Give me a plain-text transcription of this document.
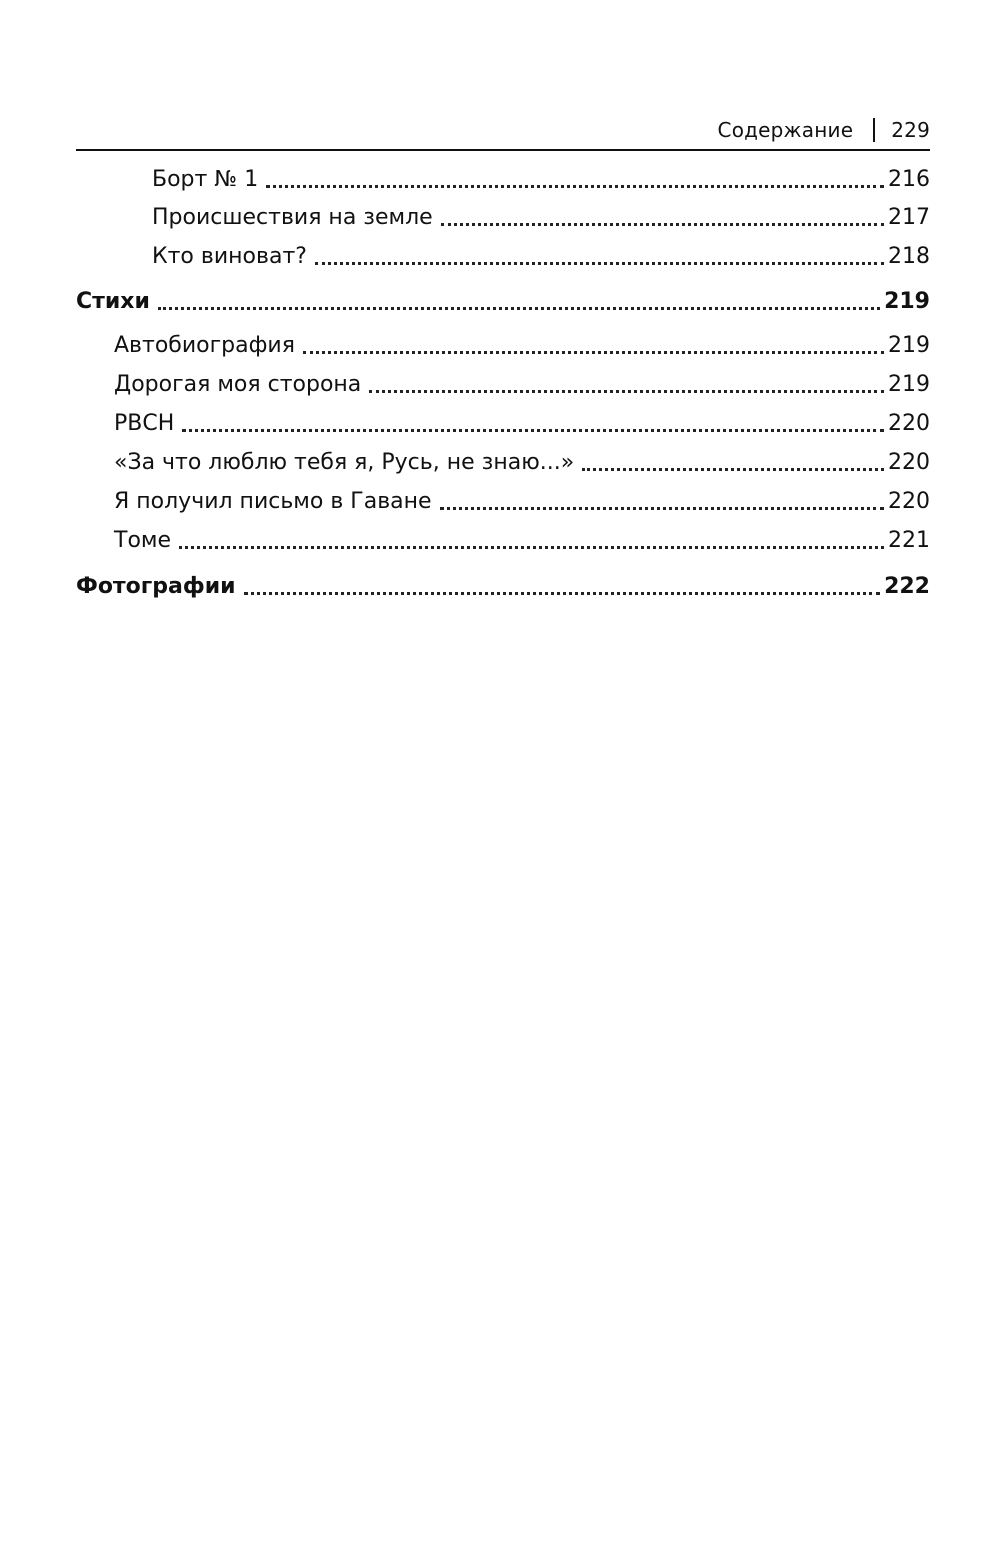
Содержание 229
Борт № 1	216
Происшествия на земле	217
Кто виноват?	218
Стихи	219
Автобиография	219
Дорогая моя сторона	219
РВСН	220
«За что люблю тебя я, Русь, не знаю...»	220
Я получил письмо в Гаване	220
Томе	221
Фотографии	222
